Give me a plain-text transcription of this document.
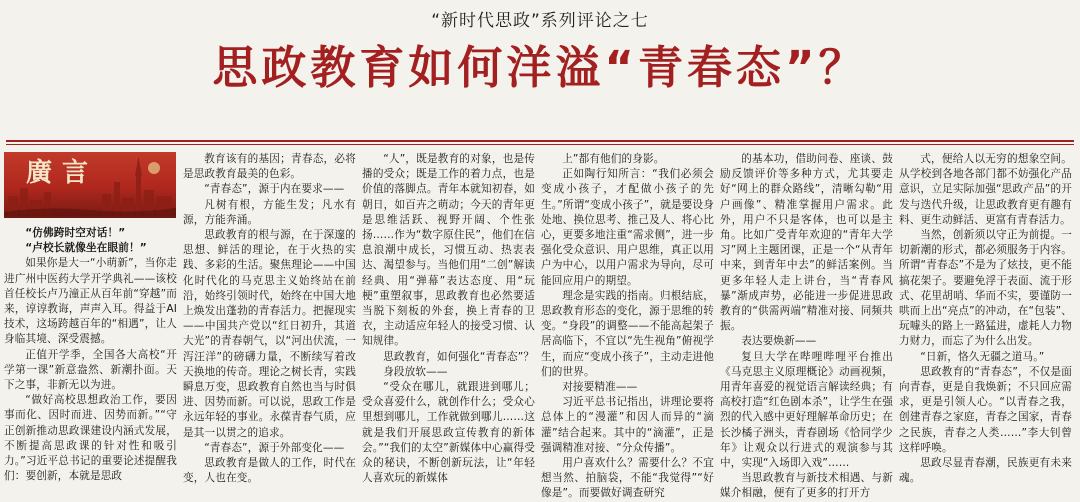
“新时代思政”系列评论之七
思政教育如何洋溢“青春态”？
廣言

“仿佛跨时空对话！”

“卢校长就像坐在眼前！”

如果你是大一“小萌新”，当你走进广州中医药大学开学典礼——该校首任校长卢乃潼正从百年前“穿越”而来，谆谆教诲，声声入耳。得益于AI技术，这场跨越百年的“相遇”，让人身临其境、深受震撼。

正值开学季，全国各大高校“开学第一课”新意盎然、新潮扑面。天下之事，非新无以为进。

“做好高校思想政治工作，要因事而化、因时而进、因势而新。”“守正创新推动思政课建设内涵式发展，不断提高思政课的针对性和吸引力。”习近平总书记的重要论述提醒我们：要创新，本就是思政

教育该有的基因；青春态，必将是思政教育最美的色彩。

“青春态”，源于内在要求——

凡树有根，方能生发；凡水有源，方能奔涌。

思政教育的根与源，在于深邃的思想、鲜活的理论，在于火热的实践、多彩的生活。聚焦理论——中国化时代化的马克思主义始终站在前沿，始终引领时代，始终在中国大地上焕发出蓬勃的青春活力。把握现实——中国共产党以“红日初升，其道大光”的青春朝气，以“河出伏流，一泻汪洋”的磅礴力量，不断续写着改天换地的传奇。理论之树长青，实践瞬息万变，思政教育自然也当与时俱进、因势而新。可以说，思政工作是永远年轻的事业。永葆青春气质，应是其一以贯之的追求。

“青春态”，源于外部变化——

思政教育是做人的工作，时代在变，人也在变。

“人”，既是教育的对象，也是传播的受众；既是工作的着力点，也是价值的落脚点。青年本就知初春，如朝日，如百卉之萌动；今天的青年更是思维活跃、视野开阔、个性张扬……作为“数字原住民”，他们在信息浪潮中成长，习惯互动、热衷表达、渴望参与。当他们用“二创”解读经典、用“弹幕”表达态度、用“玩梗”重塑叙事，思政教育也必然要适当脱下刻板的外套，换上青春的卫衣，主动适应年轻人的接受习惯、认知规律。

思政教育，如何强化“青春态”？

身段放软——

“受众在哪儿，就跟进到哪儿；受众喜爱什么，就创作什么；受众心里想到哪儿，工作就做到哪儿……这就是我们开展思政宣传教育的新体会。”“我们的太空”新媒体中心赢得受众的秘诀，不断创新玩法，让“年轻人喜欢玩的新媒体

上”都有他们的身影。

正如陶行知所言：“我们必须会变成小孩子，才配做小孩子的先生。”所谓“变成小孩子”，就是要设身处地、换位思考、推己及人、将心比心，更要多地注重“需求侧”，进一步强化受众意识、用户思维，真正以用户为中心，以用户需求为导向，尽可能回应用户的期望。

理念是实践的指南。归根结底，思政教育形态的变化，源于思维的转变。“身段”的调整——不能高起架子居高临下，不宜以“先生视角”俯视学生，而应“变成小孩子”，主动走进他们的世界。

对接要精准——

习近平总书记指出，讲理论要将总体上的“漫灌”和因人而异的“滴灌”结合起来。其中的“滴灌”，正是强调精准对接、“分众传播”。

用户喜欢什么？需要什么？不宜想当然、拍脑袋，不能“我觉得”“好像是”。而要做好调查研究

的基本功，借助问卷、座谈、鼓励反馈评价等多种方式，尤其要走好“网上的群众路线”，清晰勾勒“用户画像”、精准掌握用户需求。此外，用户不只是客体，也可以是主角。比如广受青年欢迎的“青年大学习”网上主题团课，正是一个“从青年中来，到青年中去”的鲜活案例。当更多年轻人走上讲台，当“青春风暴”渐成声势，必能进一步促进思政教育的“供需两端”精准对接、同频共振。

表达要焕新——

复旦大学在哔哩哔哩平台推出《马克思主义原理概论》动画视频，用青年喜爱的视觉语言解读经典；有高校打造“红色剧本杀”，让学生在强烈的代入感中更好理解革命历史；在长沙橘子洲头，青春剧场《恰同学少年》让观众以行进式的观演参与其中，实现“入场即入戏”……

当思政教育与新技术相遇、与新媒介相融，便有了更多的打开方

式，便给人以无穷的想象空间。从学校到各地各部门都不妨强化产品意识，立足实际加强“思政产品”的开发与迭代升级，让思政教育更有趣有料、更生动鲜活、更富有青春活力。

当然，创新须以守正为前提。一切新潮的形式，都必须服务于内容。所谓“青春态”不是为了炫技，更不能搞花架子。要避免浮于表面、流于形式、花里胡哨、华而不实，要谨防一哄而上出“亮点”的冲动，在“包装”、玩噱头的路上一路猛进，虚耗人力物力财力，而忘了为什么出发。

“日新，恪久无疆之道马。”

思政教育的“青春态”，不仅是面向青春，更是自我焕新；不只回应需求，更是引领人心。“以青春之我，创建青春之家庭，青春之国家，青春之民族，青春之人类……”李大钊曾这样呼唤。

思政尽显青春潮，民族更有未来魂。
